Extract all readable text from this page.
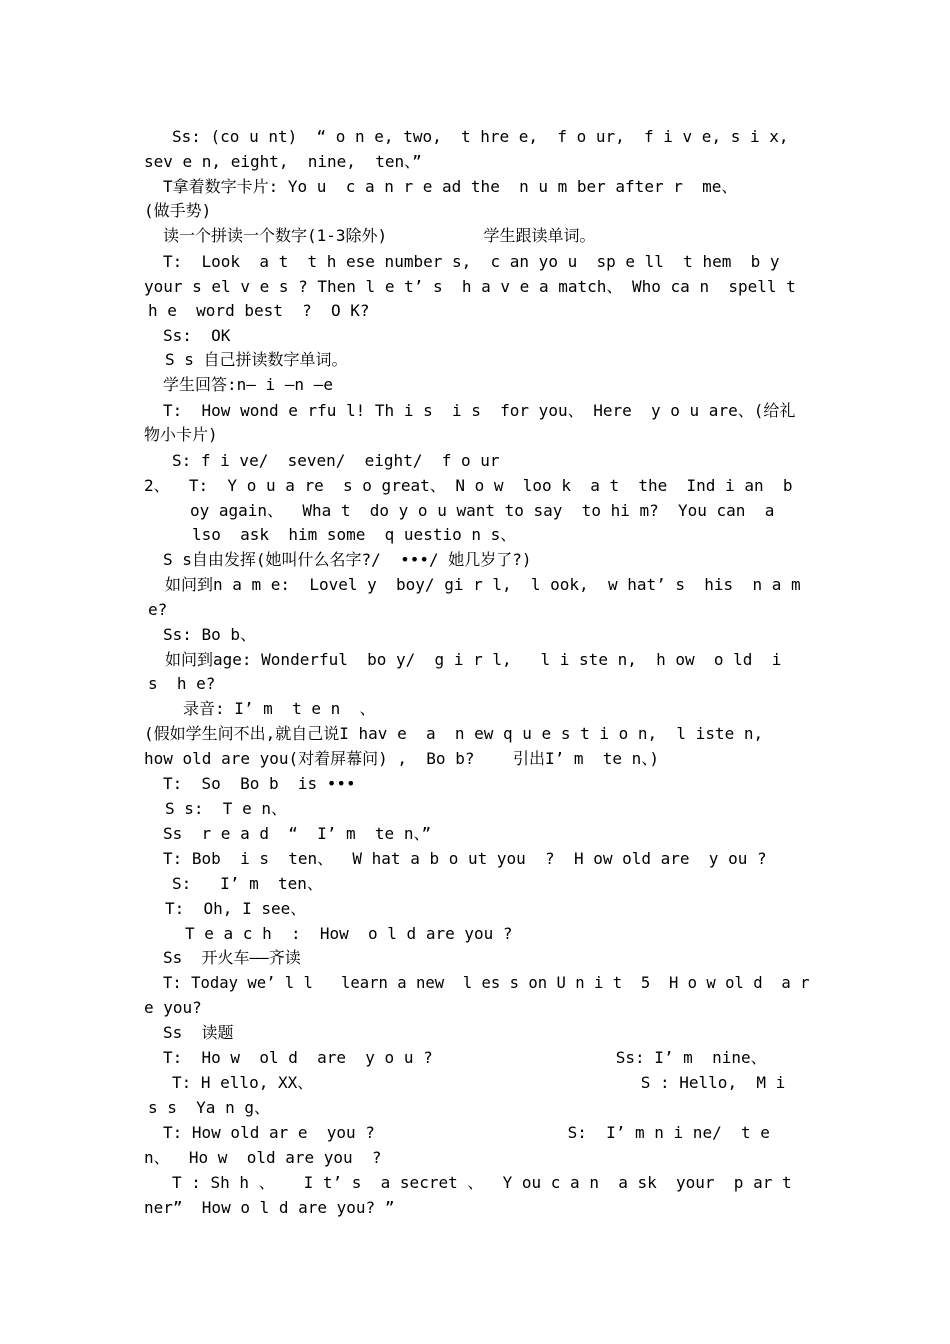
Ss: (co u nt)  “ o n e, two,  t hre e,  f o ur,  f i v e, s i x,
sev e n, eight,  nine,  ten、”
T拿着数字卡片: Yo u  c a n r e ad the  n u m ber after r  me、
(做手势)
读一个拼读一个数字(1-3除外)          学生跟读单词。
T:  Look  a t  t h ese number s,  c an yo u  sp e ll  t hem  b y
your s el v e s ? Then l e t’ s  h a v e a match、 Who ca n  spell t
h e  word best  ?  O K?
Ss:  OK
S s 自己拼读数字单词。
学生回答:n— i —n —e
T:  How wond e rfu l! Th i s  i s  for you、 Here  y o u are、(给礼
物小卡片)
S: f i ve/  seven/  eight/  f o ur
2、  T:  Y o u a re  s o great、 N o w  loo k  a t  the  Ind i an  b
oy again、  Wha t  do y o u want to say  to hi m?  You can  a
lso  ask  him some  q uestio n s、
S s自由发挥(她叫什么名字?/  •••/ 她几岁了?)
如问到n a m e:  Lovel y  boy/ gi r l,  l ook,  w hat’ s  his  n a m
e?
Ss: Bo b、
如问到age: Wonderful  bo y/  g i r l,   l i ste n,  h ow  o ld  i
s  h e?
录音: I’ m  t e n  、
(假如学生问不出,就自己说I hav e  a  n ew q u e s t i o n,  l iste n,
how old are you(对着屏幕问) ,  Bo b?    引出I’ m  te n、)
T:  So  Bo b  is •••
S s:  T e n、
Ss  r e a d  “  I’ m  te n、”
T: Bob  i s  ten、  W hat a b o ut you  ?  H ow old are  y ou ?
S:   I’ m  ten、
T:  Oh, I see、
T e a c h  :  How  o l d are you ?
Ss  开火车——齐读
T: Today we’ l l   learn a new  l es s on U n i t  5  H o w ol d  a r
e you?
Ss  读题
T:  Ho w  ol d  are  y o u ?                   Ss: I’ m  nine、
T: H ello, XX、                                  S : Hello,  M i
s s  Ya n g、
T: How old ar e  you ?                    S:  I’ m n i ne/  t e
n、  Ho w  old are you  ?
T : Sh h 、   I t’ s  a secret 、  Y ou c a n  a sk  your  p ar t
ner”  How o l d are you? ”
